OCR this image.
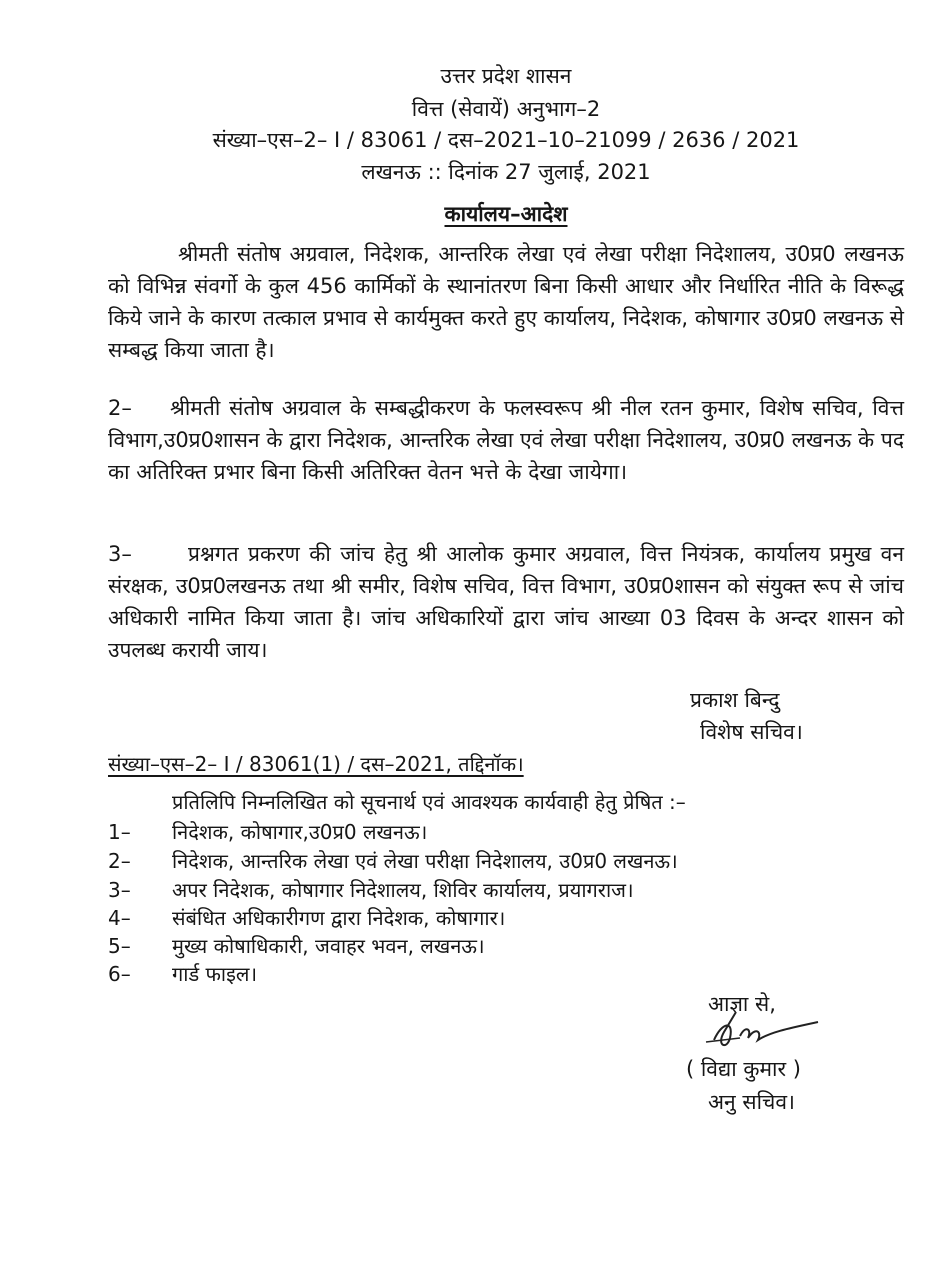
उत्तर प्रदेश शासन
वित्त (सेवायें) अनुभाग–2
संख्या–एस–2– I / 83061 / दस–2021–10–21099 / 2636 / 2021
लखनऊ :: दिनांक 27 जुलाई, 2021
कार्यालय–आदेश
श्रीमती संतोष अग्रवाल, निदेशक, आन्तरिक लेखा एवं लेखा परीक्षा निदेशालय, उ0प्र0 लखनऊ को विभिन्न संवर्गो के कुल 456 कार्मिकों के स्थानांतरण बिना किसी आधार और निर्धारित नीति के विरूद्ध किये जाने के कारण तत्काल प्रभाव से कार्यमुक्त करते हुए कार्यालय, निदेशक, कोषागार उ0प्र0 लखनऊ से सम्बद्ध किया जाता है।
2– श्रीमती संतोष अग्रवाल के सम्बद्धीकरण के फलस्वरूप श्री नील रतन कुमार, विशेष सचिव, वित्त विभाग,उ0प्र0शासन के द्वारा निदेशक, आन्तरिक लेखा एवं लेखा परीक्षा निदेशालय, उ0प्र0 लखनऊ के पद का अतिरिक्त प्रभार बिना किसी अतिरिक्त वेतन भत्ते के देखा जायेगा।
3–	प्रश्नगत प्रकरण की जांच हेतु श्री आलोक कुमार अग्रवाल, वित्त नियंत्रक, कार्यालय प्रमुख वन संरक्षक, उ0प्र0लखनऊ तथा श्री समीर, विशेष सचिव, वित्त विभाग, उ0प्र0शासन को संयुक्त रूप से जांच अधिकारी नामित किया जाता है। जांच अधिकारियों द्वारा जांच आख्या 03 दिवस के अन्दर शासन को उपलब्ध करायी जाय।
प्रकाश बिन्दु
विशेष सचिव।
संख्या–एस–2– I / 83061(1) / दस–2021, तद्दिनॉक।
प्रतिलिपि निम्नलिखित को सूचनार्थ एवं आवश्यक कार्यवाही हेतु प्रेषित :–
1– निदेशक, कोषागार,उ0प्र0 लखनऊ।
2– निदेशक, आन्तरिक लेखा एवं लेखा परीक्षा निदेशालय, उ0प्र0 लखनऊ।
3– अपर निदेशक, कोषागार निदेशालय, शिविर कार्यालय, प्रयागराज।
4– संबंधित अधिकारीगण द्वारा निदेशक, कोषागार।
5– मुख्य कोषाधिकारी, जवाहर भवन, लखनऊ।
6– गार्ड फाइल।
आज्ञा से,
( विद्या कुमार )
अनु सचिव।
